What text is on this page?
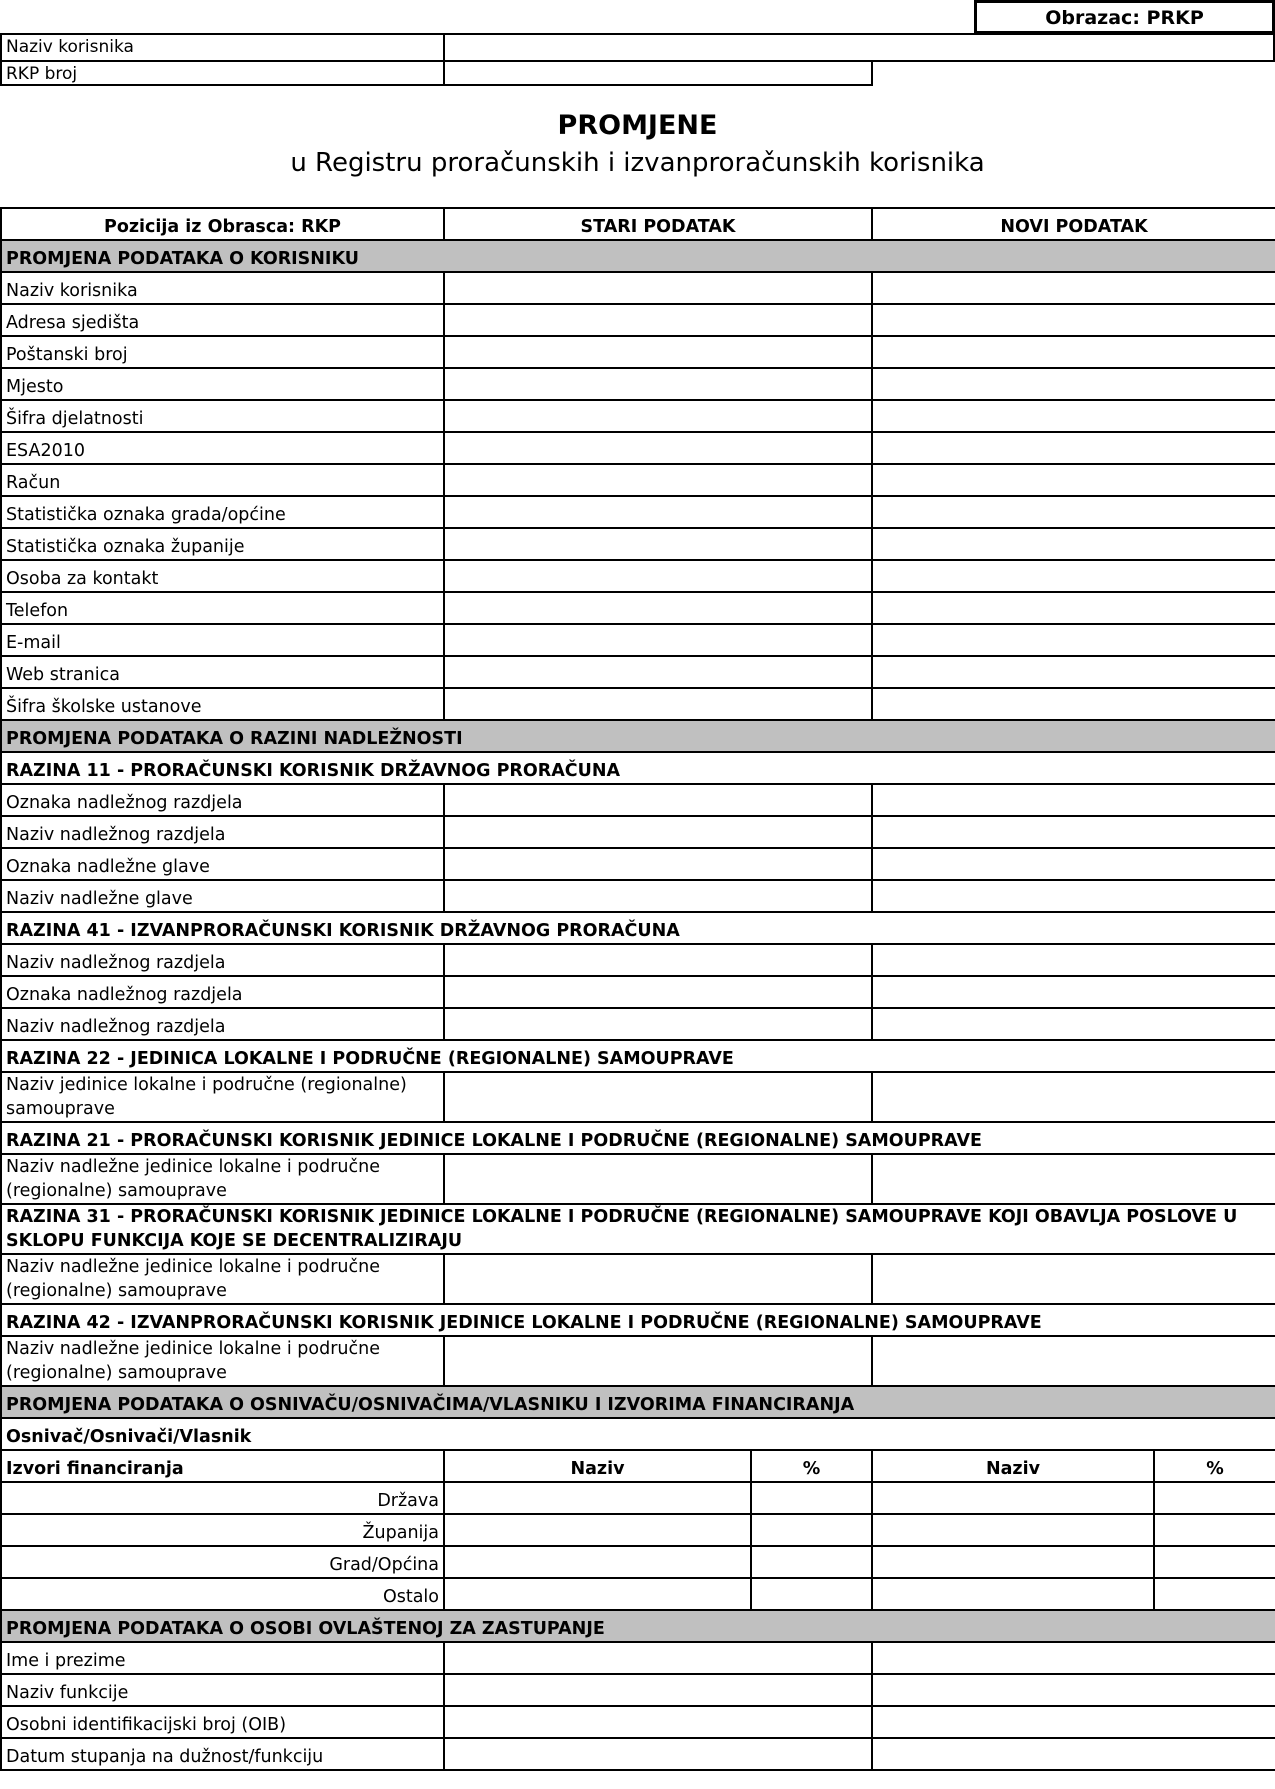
Obrazac: PRKP
Naziv korisnika
RKP broj
PROMJENE
u Registru proračunskih i izvanproračunskih korisnika
Pozicija iz Obrasca: RKP	STARI PODATAK		NOVI PODATAK	
PROMJENA PODATAKA O KORISNIKU				
Naziv korisnika				
Adresa sjedišta				
Poštanski broj				
Mjesto				
Šifra djelatnosti				
ESA2010				
Račun				
Statistička oznaka grada/općine				
Statistička oznaka županije				
Osoba za kontakt				
Telefon				
E-mail				
Web stranica				
Šifra školske ustanove				
PROMJENA PODATAKA O RAZINI NADLEŽNOSTI				
RAZINA 11 - PRORAČUNSKI KORISNIK DRŽAVNOG PRORAČUNA				
Oznaka nadležnog razdjela				
Naziv nadležnog razdjela				
Oznaka nadležne glave				
Naziv nadležne glave				
RAZINA 41 - IZVANPRORAČUNSKI KORISNIK DRŽAVNOG PRORAČUNA				
Naziv nadležnog razdjela				
Oznaka nadležnog razdjela				
Naziv nadležnog razdjela				
RAZINA 22 - JEDINICA LOKALNE I PODRUČNE (REGIONALNE) SAMOUPRAVE				
Naziv jedinice lokalne i područne (regionalne) samouprave				
RAZINA 21 - PRORAČUNSKI KORISNIK JEDINICE LOKALNE I PODRUČNE (REGIONALNE) SAMOUPRAVE				
Naziv nadležne jedinice lokalne i područne (regionalne) samouprave				
RAZINA 31 - PRORAČUNSKI KORISNIK JEDINICE LOKALNE I PODRUČNE (REGIONALNE) SAMOUPRAVE KOJI OBAVLJA POSLOVE U SKLOPU FUNKCIJA KOJE SE DECENTRALIZIRAJU				
Naziv nadležne jedinice lokalne i područne (regionalne) samouprave				
RAZINA 42 - IZVANPRORAČUNSKI KORISNIK JEDINICE LOKALNE I PODRUČNE (REGIONALNE) SAMOUPRAVE				
Naziv nadležne jedinice lokalne i područne (regionalne) samouprave				
PROMJENA PODATAKA O OSNIVAČU/OSNIVAČIMA/VLASNIKU I IZVORIMA FINANCIRANJA				
Osnivač/Osnivači/Vlasnik				
Izvori financiranja	Naziv	%	Naziv	%
Država				
Županija				
Grad/Općina				
Ostalo				
PROMJENA PODATAKA O OSOBI OVLAŠTENOJ ZA ZASTUPANJE				
Ime i prezime				
Naziv funkcije				
Osobni identifikacijski broj (OIB)				
Datum stupanja na dužnost/funkciju				
